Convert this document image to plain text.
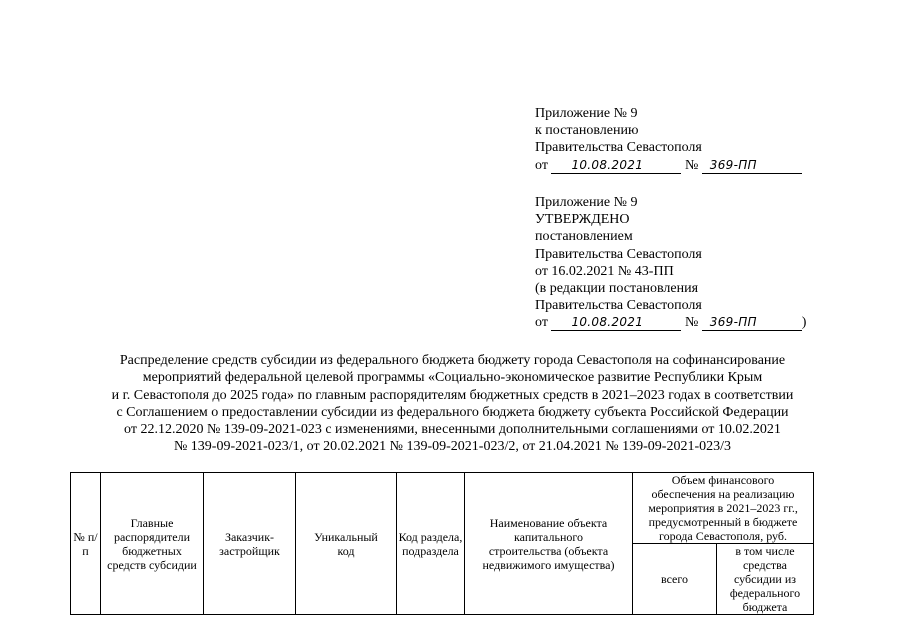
Приложение № 9
к постановлению
Правительства Севастополя
от 10.08.2021	№ 369-ПП
Приложение № 9
УТВЕРЖДЕНО
постановлением
Правительства Севастополя
от 16.02.2021 № 43-ПП
(в редакции постановления
Правительства Севастополя
от 10.08.2021	№ 369-ПП	)
Распределение средств субсидии из федерального бюджета бюджету города Севастополя на софинансирование
мероприятий федеральной целевой программы «Социально-экономическое развитие Республики Крым
и г. Севастополя до 2025 года» по главным распорядителям бюджетных средств в 2021–2023 годах в соответствии
с Соглашением о предоставлении субсидии из федерального бюджета бюджету субъекта Российской Федерации
от 22.12.2020 № 139-09-2021-023 с изменениями, внесенными дополнительными соглашениями от 10.02.2021
№ 139-09-2021-023/1, от 20.02.2021 № 139-09-2021-023/2, от 21.04.2021 № 139-09-2021-023/3
№ п/п	Главные распорядители бюджетных средств субсидии	Заказчик-застройщик	Уникальный код	Код раздела, подраздела	Наименование объекта капитального строительства (объекта недвижимого имущества)	Объем финансового обеспечения на реализацию мероприятия в 2021–2023 гг., предусмотренный в бюджете города Севастополя, руб.	
						всего	в том числе средства субсидии из федерального бюджета
